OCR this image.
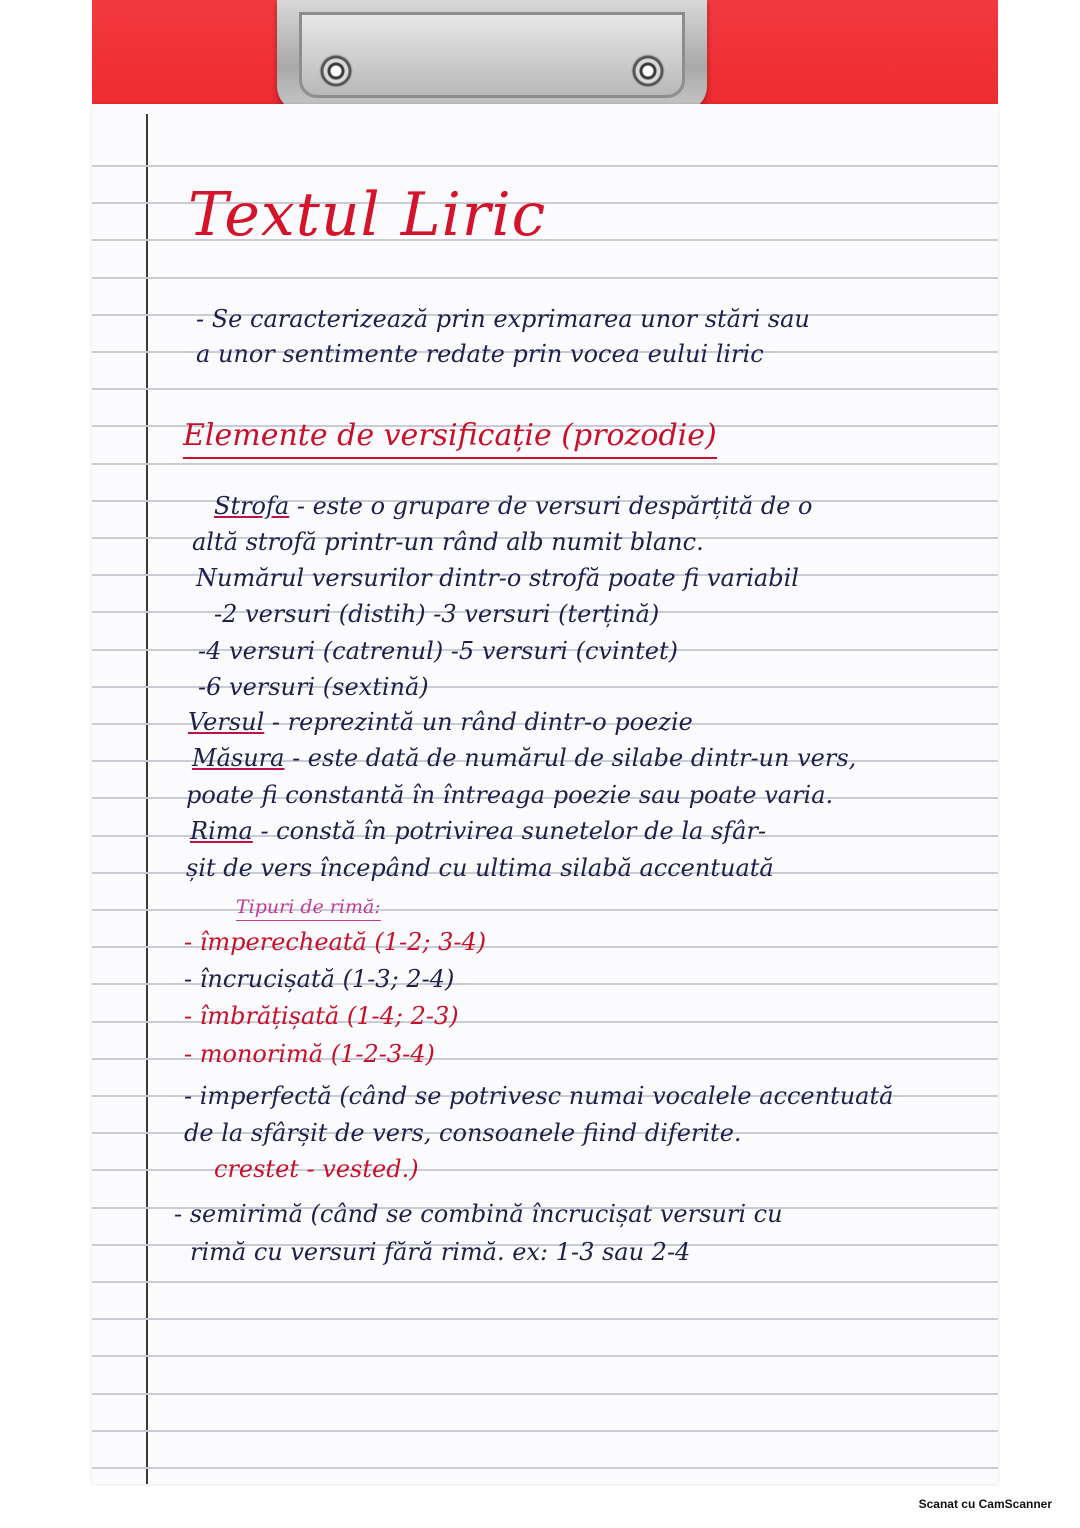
Textul Liric
- Se caracterizează prin exprimarea unor stări sau
a unor sentimente redate prin vocea eului liric
Elemente de versificație (prozodie)
Strofa - este o grupare de versuri despărțită de o
altă strofă printr-un rând alb numit blanc.
Numărul versurilor dintr-o strofă poate fi variabil
-2 versuri (distih) -3 versuri (terțină)
-4 versuri (catrenul) -5 versuri (cvintet)
-6 versuri (sextină)
Versul - reprezintă un rând dintr-o poezie
Măsura - este dată de numărul de silabe dintr-un vers,
poate fi constantă în întreaga poezie sau poate varia.
Rima - constă în potrivirea sunetelor de la sfâr-
șit de vers începând cu ultima silabă accentuată
Tipuri de rimă:
- împerecheată (1-2; 3-4)
- încrucișată (1-3; 2-4)
- îmbrățișată (1-4; 2-3)
- monorimă (1-2-3-4)
- imperfectă (când se potrivesc numai vocalele accentuată
de la sfârșit de vers, consoanele fiind diferite.
crestet - vested.)
- semirimă (când se combină încrucișat versuri cu
rimă cu versuri fără rimă. ex: 1-3 sau 2-4
Scanat cu CamScanner
